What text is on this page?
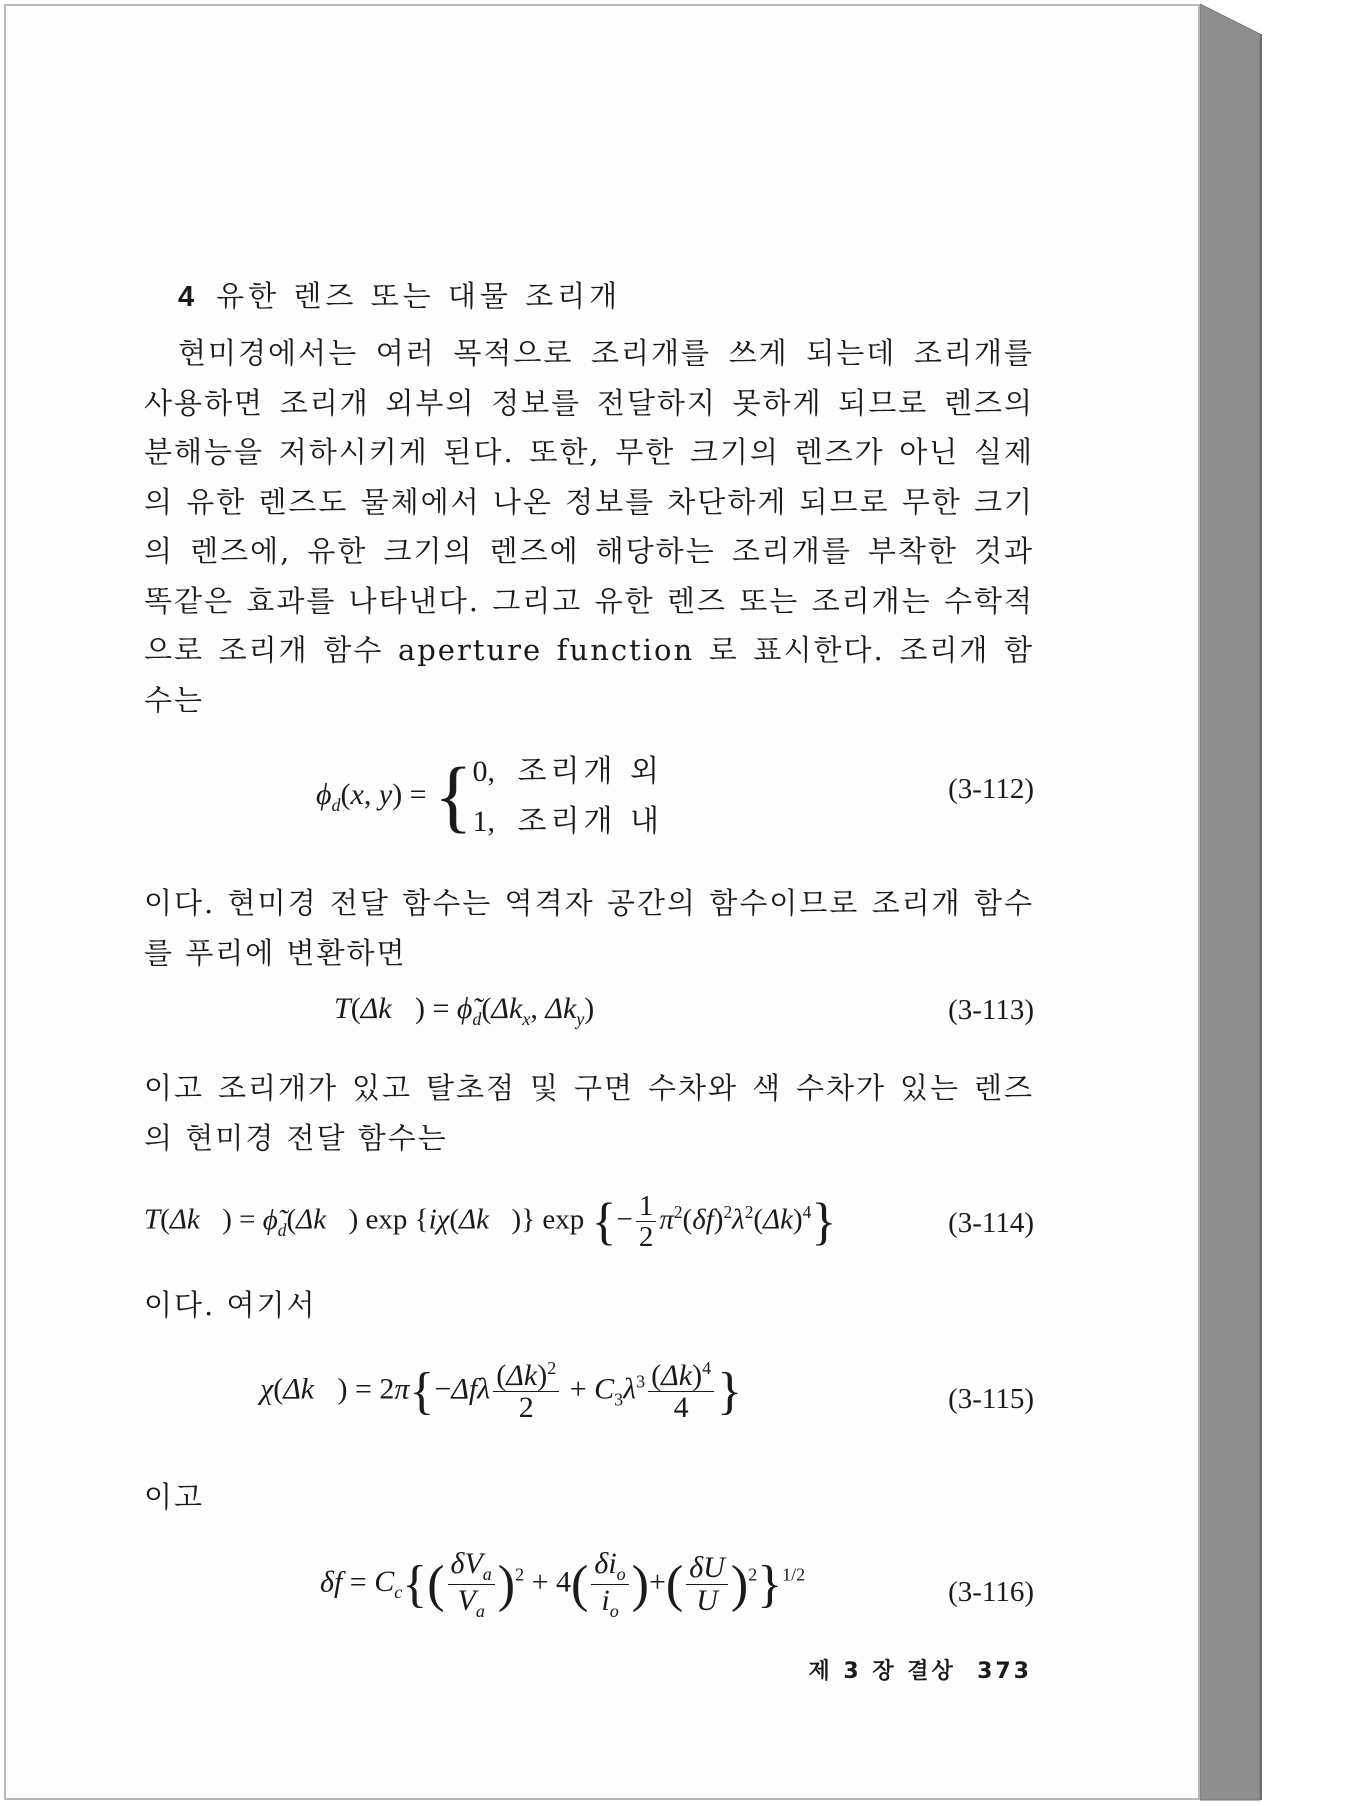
4 유한 렌즈 또는 대물 조리개

현미경에서는 여러 목적으로 조리개를 쓰게 되는데 조리개를 사용하면 조리개 외부의 정보를 전달하지 못하게 되므로 렌즈의 분해능을 저하시키게 된다. 또한, 무한 크기의 렌즈가 아닌 실제의 유한 렌즈도 물체에서 나온 정보를 차단하게 되므로 무한 크기의 렌즈에, 유한 크기의 렌즈에 해당하는 조리개를 부착한 것과 똑같은 효과를 나타낸다. 그리고 유한 렌즈 또는 조리개는 수학적으로 조리개 함수 aperture function 로 표시한다. 조리개 함수는

$\phi_d(x$, y) = { 0,   조리개 외
1,   조리개 내
(3-112)

이다. 현미경 전달 함수는 역격자 공간의 함수이므로 조리개 함수를 푸리에 변환하면

T(Δk⃗) = $\phĩ_d(\Delta k_x$, $\Delta k_y$)	(3-113)

이고 조리개가 있고 탈초점 및 구면 수차와 색 수차가 있는 렌즈의 현미경 전달 함수는

T(Δk⃗) = $\phĩ_d(\Delta k⃗)$ exp {iχ(Δk⃗)} exp {− $\frac{1}{2} \pi^2(\delta f)^2\lambda^2(\Delta k)^4$}	(3-114)

이다. 여기서

χ(Δk⃗) = $2\pi\{-\Delta f\lambda \frac{(\Delta k)^2}{2} + C_3\lambda^3 \frac{(\Delta k)^4}{4}$ }	(3-115)

이고

$\delta f = C_c\{( \frac{\delta V_a}{V_a} )^2 + 4( \frac{\delta i_o}{i_o}$ )+( $\frac{\delta U}{U} )^2\}^{1/2}$
(3-116)
제 3 장 결상 373
